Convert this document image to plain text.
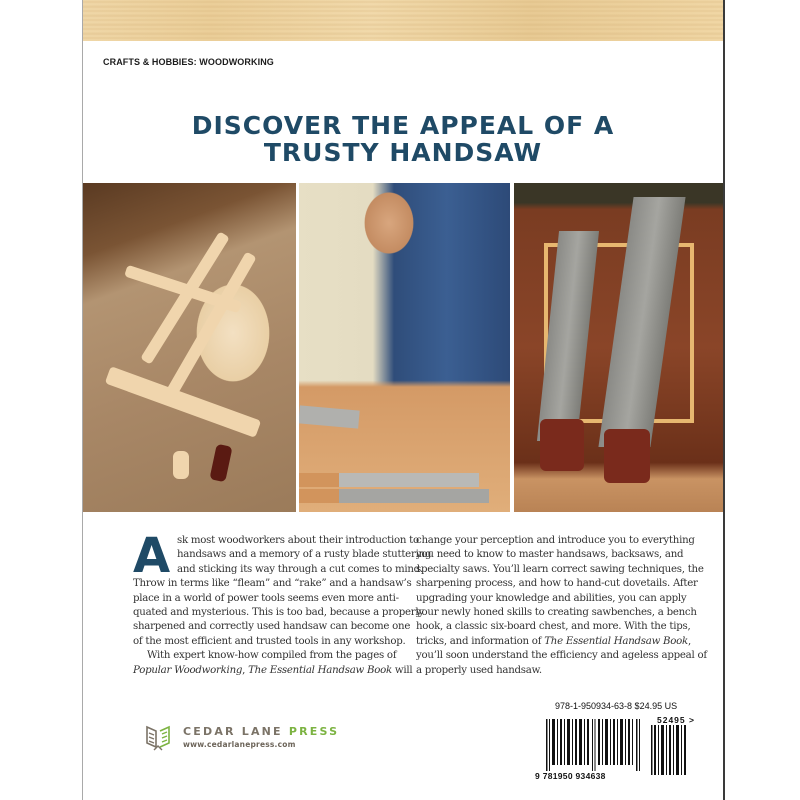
CRAFTS & HOBBIES: WOODWORKING
DISCOVER THE APPEAL OF A
TRUSTY HANDSAW
A sk most woodworkers about their introduction to
handsaws and a memory of a rusty blade stuttering
and sticking its way through a cut comes to mind.
Throw in terms like “fleam” and “rake” and a handsaw’s
place in a world of power tools seems even more anti-
quated and mysterious. This is too bad, because a properly
sharpened and correctly used handsaw can become one
of the most efficient and trusted tools in any workshop.
With expert know-how compiled from the pages of
Popular Woodworking, The Essential Handsaw Book will
change your perception and introduce you to everything
you need to know to master handsaws, backsaws, and
specialty saws. You’ll learn correct sawing techniques, the
sharpening process, and how to hand-cut dovetails. After
upgrading your knowledge and abilities, you can apply
your newly honed skills to creating sawbenches, a bench
hook, a classic six-board chest, and more. With the tips,
tricks, and information of The Essential Handsaw Book,
you’ll soon understand the efficiency and ageless appeal of
a properly used handsaw.
CEDAR LANE PRESS
www.cedarlanepress.com
978-1-950934-63-8 $24.95 US
52495 >
9 781950 934638
